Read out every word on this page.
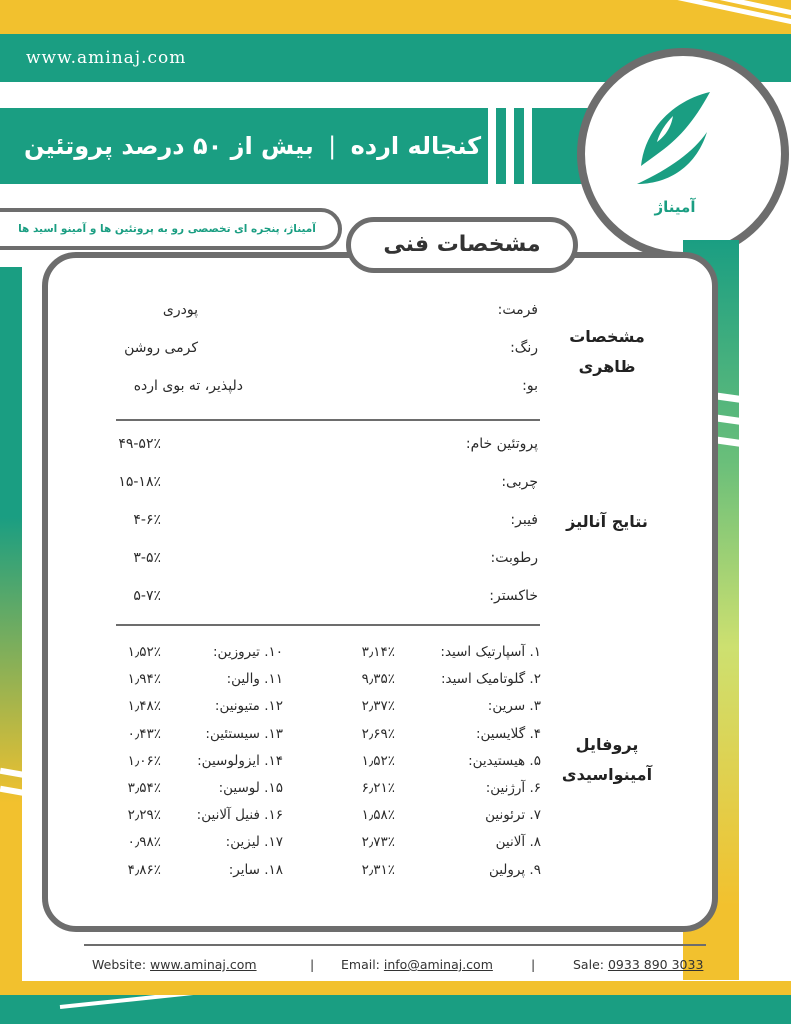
www.aminaj.com
کنجاله ارده | بیش از ۵۰ درصد پروتئین
آمیناژ
آمیناژ، پنجره ای تخصصی رو به پروتئین ها و آمینو اسید ها
مشخصات فنی
مشخصات
ظاهری
فرمت:
پودری
رنگ:
کرمی روشن
بو:
دلپذیر، ته بوی ارده
نتایج آنالیز
پروتئین خام:
۴۹-۵۲٪
چربی:
۱۵-۱۸٪
فیبر:
۴-۶٪
رطوبت:
۳-۵٪
خاکستر:
۵-۷٪
پروفایل
آمینواسیدی
۱. آسپارتیک اسید:
۳٫۱۴٪
۲. گلوتامیک اسید:
۹٫۳۵٪
۳. سرین:
۲٫۳۷٪
۴. گلایسین:
۲٫۶۹٪
۵. هیستیدین:
۱٫۵۲٪
۶. آرژنین:
۶٫۲۱٪
۷. ترئونین
۱٫۵۸٪
۸. آلانین
۲٫۷۳٪
۹. پرولین
۲٫۳۱٪
۱۰. تیروزین:
۱٫۵۲٪
۱۱. والین:
۱٫۹۴٪
۱۲. متیونین:
۱٫۴۸٪
۱۳. سیستئین:
۰٫۴۳٪
۱۴. ایزولوسین:
۱٫۰۶٪
۱۵. لوسین:
۳٫۵۴٪
۱۶. فنیل آلانین:
۲٫۲۹٪
۱۷. لیزین:
۰٫۹۸٪
۱۸. سایر:
۴٫۸۶٪
Website: www.aminaj.com	| Email: info@aminaj.com	|	Sale: 0933 890 3033
